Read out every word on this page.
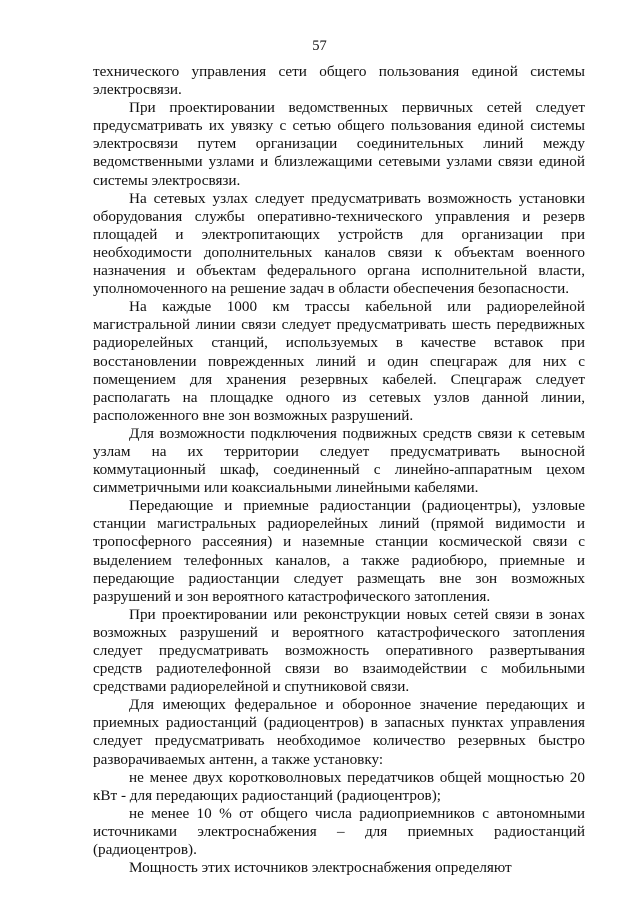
57

технического управления сети общего пользования единой системы электросвязи.

При проектировании ведомственных первичных сетей следует предусматривать их увязку с сетью общего пользования единой системы электросвязи путем организации соединительных линий между ведомственными узлами и близлежащими сетевыми узлами связи единой системы электросвязи.

На сетевых узлах следует предусматривать возможность установки оборудования службы оперативно-технического управления и резерв площадей и электропитающих устройств для организации при необходимости дополнительных каналов связи к объектам военного назначения и объектам федерального органа исполнительной власти, уполномоченного на решение задач в области обеспечения безопасности.

На каждые 1000 км трассы кабельной или радиорелейной магистральной линии связи следует предусматривать шесть передвижных радиорелейных станций, используемых в качестве вставок при восстановлении поврежденных линий и один спецгараж для них с помещением для хранения резервных кабелей. Спецгараж следует располагать на площадке одного из сетевых узлов данной линии, расположенного вне зон возможных разрушений.

Для возможности подключения подвижных средств связи к сетевым узлам на их территории следует предусматривать выносной коммутационный шкаф, соединенный с линейно-аппаратным цехом симметричными или коаксиальными линейными кабелями.

Передающие и приемные радиостанции (радиоцентры), узловые станции магистральных радиорелейных линий (прямой видимости и тропосферного рассеяния) и наземные станции космической связи с выделением телефонных каналов, а также радиобюро, приемные и передающие радиостанции следует размещать вне зон возможных разрушений и зон вероятного катастрофического затопления.

При проектировании или реконструкции новых сетей связи в зонах возможных разрушений и вероятного катастрофического затопления следует предусматривать возможность оперативного развертывания средств радиотелефонной связи во взаимодействии с мобильными средствами радиорелейной и спутниковой связи.

Для имеющих федеральное и оборонное значение передающих и приемных радиостанций (радиоцентров) в запасных пунктах управления следует предусматривать необходимое количество резервных быстро разворачиваемых антенн, а также установку:

не менее двух коротковолновых передатчиков общей мощностью 20 кВт - для передающих радиостанций (радиоцентров);

не менее 10 % от общего числа радиоприемников с автономными источниками электроснабжения – для приемных радиостанций (радиоцентров).

Мощность этих источников электроснабжения определяют
